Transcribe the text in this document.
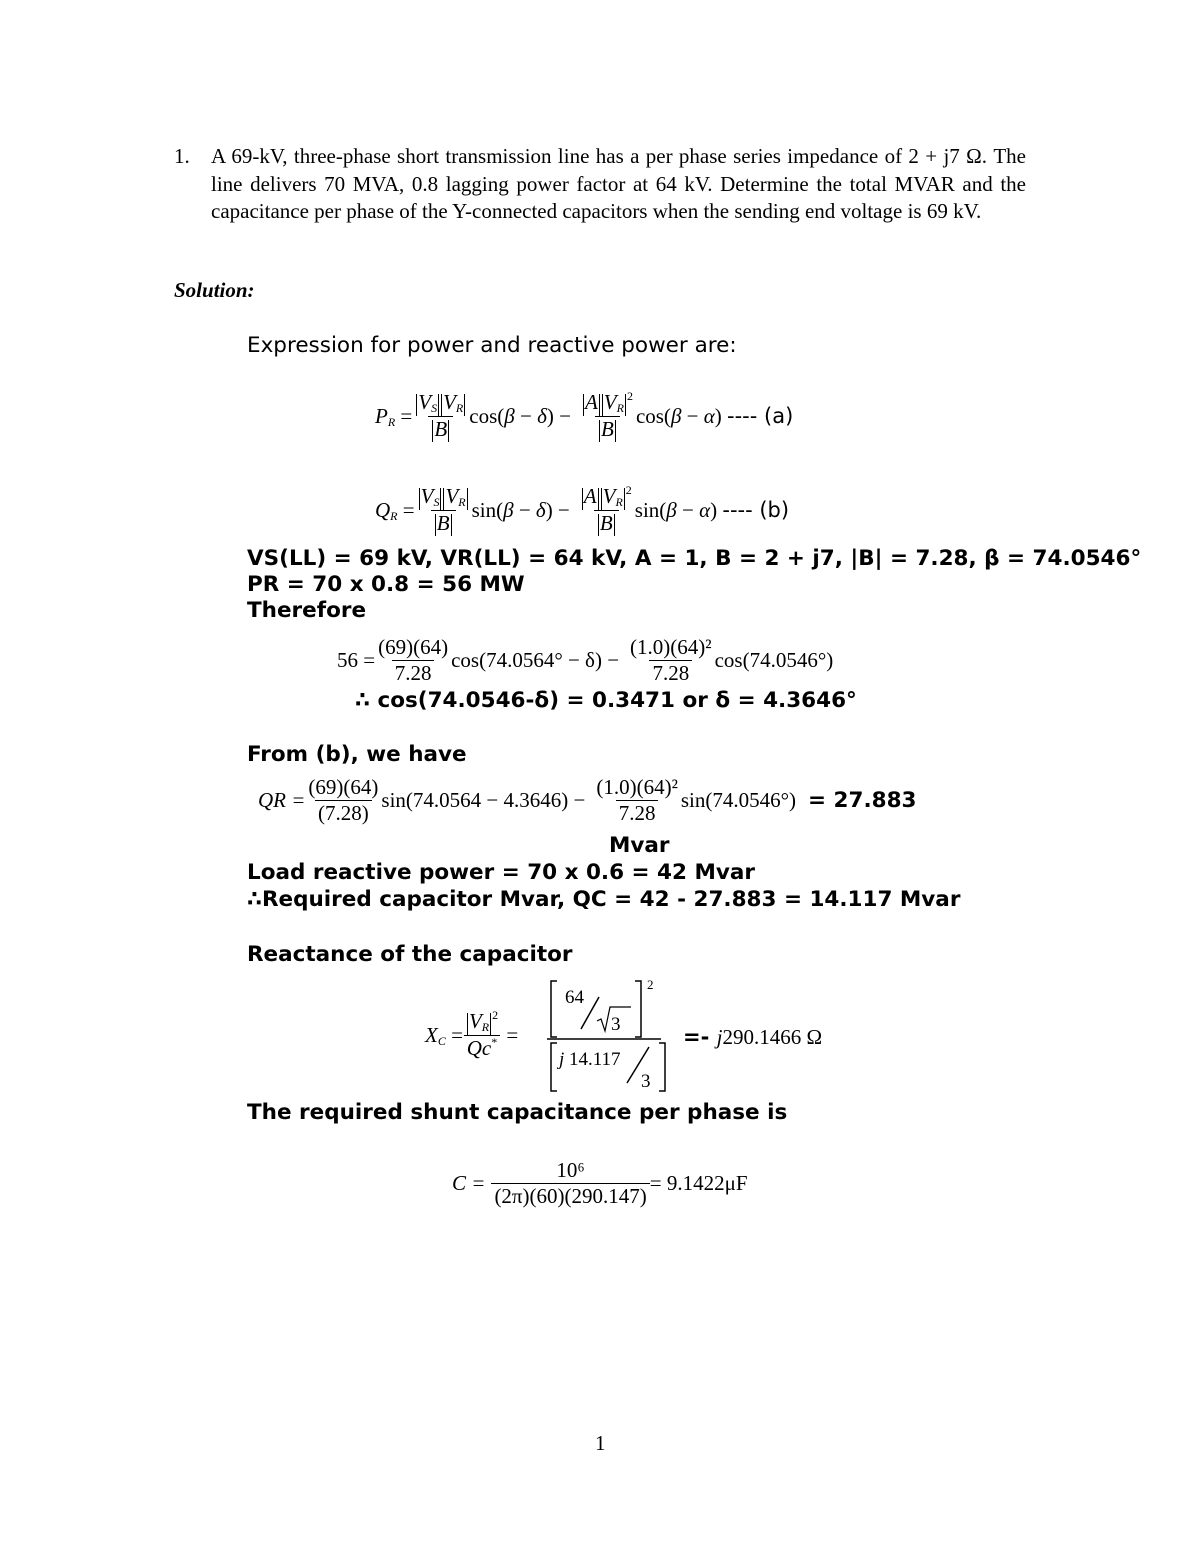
1. A 69-kV, three-phase short transmission line has a per phase series impedance of 2 + j7 Ω. The line delivers 70 MVA, 0.8 lagging power factor at 64 kV. Determine the total MVAR and the capacitance per phase of the Y-connected capacitors when the sending end voltage is 69 kV.
Solution:
Expression for power and reactive power are:
$P_R = \frac{V_S V_R}{B} \cos(\beta - \delta) - \frac{A V_R^2}{B} \cos(\beta - \alpha)$ ---- (a)
$Q_R = \frac{V_S V_R}{B} \sin(\beta - \delta) - \frac{A V_R^2}{B} \sin(\beta - \alpha)$ ---- (b)
VS(LL) = 69 kV, VR(LL) = 64 kV, A = 1, B = 2 + j7, |B| = 7.28, β = 74.0546°
PR = 70 x 0.8 = 56 MW
Therefore
$56 = \frac{(69)(64)}{7.28} \cos(74.0564^\circ - \delta) - \frac{\text{(1.0)(64)²}}{7.28} \cos(74.0546^\circ)$
∴ cos(74.0546-δ) = 0.3471 or δ = 4.3646°
From (b), we have
QR = $\frac{(69)(64)}{(7.28)} \sin(74.0564 - 4.3646) - \frac{\text{(1.0)(64)²}}{7.28} \sin(74.0546^\circ) = 27.883$
Mvar
Load reactive power = 70 x 0.6 = 42 Mvar
∴Required capacitor Mvar, QC = 42 - 27.883 = 14.117 Mvar
Reactance of the capacitor
$X_C = \frac{V_R^2}{Qc^*}$ =
2
64
3
j 14.117
3
=- j290.1466 Ω
The required shunt capacitance per phase is
$C = \frac{\text{10⁶}}{(2\pi)(60)(290.147)} = 9.1422\mu F$
1
